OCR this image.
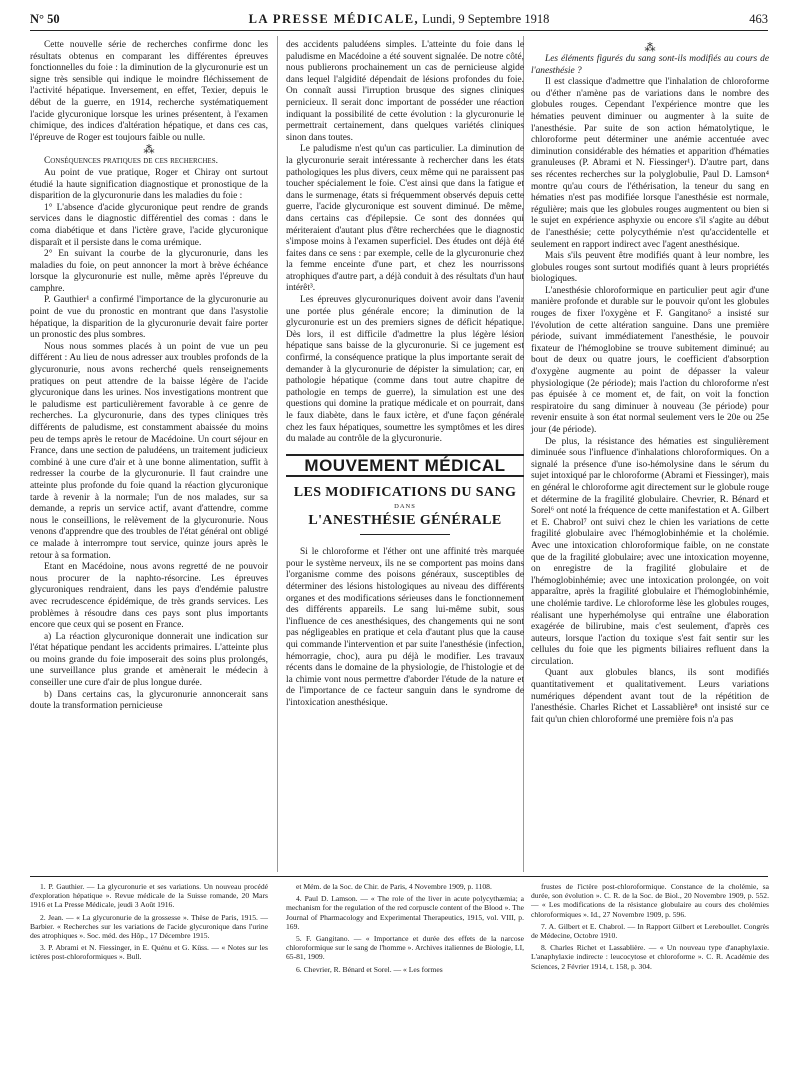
N° 50	LA PRESSE MÉDICALE, Lundi, 9 Septembre 1918	463

Cette nouvelle série de recherches confirme donc les résultats obtenus en comparant les différentes épreuves fonctionnelles du foie : la diminution de la glycuronurie est un signe très sensible qui indique le moindre fléchissement de l'activité hépatique. Inversement, en effet, Texier, depuis le début de la guerre, en 1914, recherche systématiquement l'acide glycuronique lorsque les urines présentent, à l'examen chimique, des indices d'altération hépatique, et dans ces cas, l'épreuve de Roger est toujours faible ou nulle.

⁂

Conséquences pratiques de ces recherches.

Au point de vue pratique, Roger et Chiray ont surtout étudié la haute signification diagnostique et pronostique de la disparition de la glycuronurie dans les maladies du foie :

1° L'absence d'acide glycuronique peut rendre de grands services dans le diagnostic différentiel des comas : dans le coma diabétique et dans l'ictère grave, l'acide glycuronique disparaît et il persiste dans le coma urémique.

2° En suivant la courbe de la glycuronurie, dans les maladies du foie, on peut annoncer la mort à brève échéance lorsque la glycuronurie est nulle, même après l'épreuve du camphre.

P. Gauthier¹ a confirmé l'importance de la glycuronurie au point de vue du pronostic en montrant que dans l'asystolie hépatique, la disparition de la glycuronurie devait faire porter un pronostic des plus sombres.

Nous nous sommes placés à un point de vue un peu différent : Au lieu de nous adresser aux troubles profonds de la glycuronurie, nous avons recherché quels renseignements pratiques on peut attendre de la baisse légère de l'acide glycuronique dans les urines. Nos investigations montrent que le paludisme est particulièrement favorable à ce genre de recherches. La glycuronurie, dans des types cliniques très différents de paludisme, est constamment abaissée du moins peu de temps après le retour de Macédoine. Un court séjour en France, dans une section de paludéens, un traitement judicieux combiné à une cure d'air et à une bonne alimentation, suffit à redresser la courbe de la glycuronurie. Il faut craindre une atteinte plus profonde du foie quand la réaction glycuronique tarde à revenir à la normale; l'un de nos malades, sur sa demande, a repris un service actif, avant d'attendre, comme nous le conseillions, le relèvement de la glycuronurie. Nous venons d'apprendre que des troubles de l'état général ont obligé ce malade à interrompre tout service, quinze jours après le retour à sa formation.

Etant en Macédoine, nous avons regretté de ne pouvoir nous procurer de la naphto-résorcine. Les épreuves glycuroniques rendraient, dans les pays d'endémie palustre avec recrudescence épidémique, de très grands services. Les problèmes à résoudre dans ces pays sont plus importants encore que ceux qui se posent en France.

a) La réaction glycuronique donnerait une indication sur l'état hépatique pendant les accidents primaires. L'atteinte plus ou moins grande du foie imposerait des soins plus prolongés, une surveillance plus grande et amènerait le médecin à conseiller une cure d'air de plus longue durée.

b) Dans certains cas, la glycuronurie annoncerait sans doute la transformation pernicieuse

des accidents paludéens simples. L'atteinte du foie dans le paludisme en Macédoine a été souvent signalée. De notre côté, nous publierons prochainement un cas de pernicieuse algide dans lequel l'algidité dépendait de lésions profondes du foie. On connaît aussi l'irruption brusque des signes cliniques pernicieux. Il serait donc important de posséder une réaction indiquant la possibilité de cette évolution : la glycuronurie le permettrait certainement, dans quelques variétés cliniques sinon dans toutes.

Le paludisme n'est qu'un cas particulier. La diminution de la glycuronurie serait intéressante à rechercher dans les états pathologiques les plus divers, ceux même qui ne paraissent pas toucher spécialement le foie. C'est ainsi que dans la fatigue et dans le surmenage, états si fréquemment observés depuis cette guerre, l'acide glycuronique est souvent diminué. De même, dans certains cas d'épilepsie. Ce sont des données qui mériteraient d'autant plus d'être recherchées que le diagnostic s'impose moins à l'examen superficiel. Des études ont déjà été faites dans ce sens : par exemple, celle de la glycuronurie chez la femme enceinte d'une part, et chez les nourrissons atrophiques d'autre part, a déjà conduit à des résultats d'un haut intérêt³.

Les épreuves glycuronuriques doivent avoir dans l'avenir une portée plus générale encore; la diminution de la glycuronurie est un des premiers signes de déficit hépatique. Dès lors, il est difficile d'admettre la plus légère lésion hépatique sans baisse de la glycuronurie. Si ce jugement est confirmé, la conséquence pratique la plus importante serait de demander à la glycuronurie de dépister la simulation; car, en pathologie hépatique (comme dans tout autre chapitre de pathologie en temps de guerre), la simulation est une des questions qui domine la pratique médicale et on pourrait, dans le faux diabète, dans le faux ictère, et d'une façon générale chez les faux hépatiques, soumettre les symptômes et les dires du malade au contrôle de la glycuronurie.

MOUVEMENT MÉDICAL
LES MODIFICATIONS DU SANG
DANS
L'ANESTHÉSIE GÉNÉRALE

Si le chloroforme et l'éther ont une affinité très marquée pour le système nerveux, ils ne se comportent pas moins dans l'organisme comme des poisons généraux, susceptibles de déterminer des lésions histologiques au niveau des différents organes et des modifications sérieuses dans le fonctionnement des différents appareils. Le sang lui-même subit, sous l'influence de ces anesthésiques, des changements qui ne sont pas négligeables en pratique et cela d'autant plus que la cause qui commande l'intervention et par suite l'anesthésie (infection, hémorragie, choc), aura pu déjà le modifier. Les travaux récents dans le domaine de la physiologie, de l'histologie et de la chimie vont nous permettre d'aborder l'étude de la nature et de l'importance de ce facteur sanguin dans le syndrome de l'intoxication anesthésique.

⁂

Les éléments figurés du sang sont-ils modifiés au cours de l'anesthésie ?

Il est classique d'admettre que l'inhalation de chloroforme ou d'éther n'amène pas de variations dans le nombre des globules rouges. Cependant l'expérience montre que les hématies peuvent diminuer ou augmenter à la suite de l'anesthésie. Par suite de son action hématolytique, le chloroforme peut déterminer une anémie accentuée avec diminution considérable des hématies et apparition d'hématies granuleuses (P. Abrami et N. Fiessinger¹). D'autre part, dans ses récentes recherches sur la polyglobulie, Paul D. Lamson⁴ montre qu'au cours de l'éthérisation, la teneur du sang en hématies n'est pas modifiée lorsque l'anesthésie est normale, régulière; mais que les globules rouges augmentent ou bien si le sujet en expérience asphyxie ou encore s'il s'agite au début de l'anesthésie; cette polycythémie n'est qu'accidentelle et seulement en rapport indirect avec l'agent anesthésique.

Mais s'ils peuvent être modifiés quant à leur nombre, les globules rouges sont surtout modifiés quant à leurs propriétés biologiques.

L'anesthésie chloroformique en particulier peut agir d'une manière profonde et durable sur le pouvoir qu'ont les globules rouges de fixer l'oxygène et F. Gangitano⁵ a insisté sur l'évolution de cette altération sanguine. Dans une première période, suivant immédiatement l'anesthésie, le pouvoir fixateur de l'hémoglobine se trouve subitement diminué; au bout de deux ou quatre jours, le coefficient d'absorption d'oxygène augmente au point de dépasser la valeur physiologique (2e période); mais l'action du chloroforme n'est pas épuisée à ce moment et, de fait, on voit la fonction respiratoire du sang diminuer à nouveau (3e période) pour revenir ensuite à son état normal seulement vers le 20e ou 25e jour (4e période).

De plus, la résistance des hématies est singulièrement diminuée sous l'influence d'inhalations chloroformiques. On a signalé la présence d'une iso-hémolysine dans le sérum du sujet intoxiqué par le chloroforme (Abrami et Fiessinger), mais en général le chloroforme agit directement sur le globule rouge et détermine de la fragilité globulaire. Chevrier, R. Bénard et Sorel⁶ ont noté la fréquence de cette manifestation et A. Gilbert et E. Chabrol⁷ ont suivi chez le chien les variations de cette fragilité globulaire avec l'hémoglobinhémie et la cholémie. Avec une intoxication chloroformique faible, on ne constate que de la fragilité globulaire; avec une intoxication moyenne, on enregistre de la fragilité globulaire et de l'hémoglobinhémie; avec une intoxication prolongée, on voit apparaître, après la fragilité globulaire et l'hémoglobinhémie, une cholémie tardive. Le chloroforme lèse les globules rouges, réalisant une hyperhémolyse qui entraîne une élaboration exagérée de bilirubine, mais c'est seulement, d'après ces auteurs, lorsque l'action du toxique s'est fait sentir sur les cellules du foie que les pigments biliaires refluent dans la circulation.

Quant aux globules blancs, ils sont modifiés quantitativement et qualitativement. Leurs variations numériques dépendent avant tout de la répétition de l'anesthésie. Charles Richet et Lassablière⁸ ont insisté sur ce fait qu'un chien chloroformé une première fois n'a pas

1. P. Gauthier. — La glycuronurie et ses variations. Un nouveau procédé d'exploration hépatique ». Revue médicale de la Suisse romande, 20 Mars 1916 et La Presse Médicale, jeudi 3 Août 1916.

2. Jean. — « La glycuronurie de la grossesse ». Thèse de Paris, 1915. — Barbier. « Recherches sur les variations de l'acide glycuronique dans l'urine des atrophiques ». Soc. méd. des Hôp., 17 Décembre 1915.

3. P. Abrami et N. Fiessinger, in E. Quénu et G. Küss. — « Notes sur les ictères post-chloroformiques ». Bull.

et Mém. de la Soc. de Chir. de Paris, 4 Novembre 1909, p. 1108.

4. Paul D. Lamson. — « The role of the liver in acute polycythæmia; a mechanism for the regulation of the red corpuscle content of the Blood ». The Journal of Pharmacology and Experimental Therapeutics, 1915, vol. VIII, p. 169.

5. F. Gangitano. — « Importance et durée des effets de la narcose chloroformique sur le sang de l'homme ». Archives italiennes de Biologie, LI, 65-81, 1909.

6. Chevrier, R. Bénard et Sorel. — « Les formes

frustes de l'ictère post-chloroformique. Constance de la cholémie, sa durée, son évolution ». C. R. de la Soc. de Biol., 20 Novembre 1909, p. 552. — « Les modifications de la résistance globulaire au cours des cholémies chloroformiques ». Id., 27 Novembre 1909, p. 596.

7. A. Gilbert et E. Chabrol. — In Rapport Gilbert et Lereboullet. Congrès de Médecine, Octobre 1910.

8. Charles Richet et Lassablière. — « Un nouveau type d'anaphylaxie. L'anaphylaxie indirecte : leucocytose et chloroforme ». C. R. Académie des Sciences, 2 Février 1914, t. 158, p. 304.
